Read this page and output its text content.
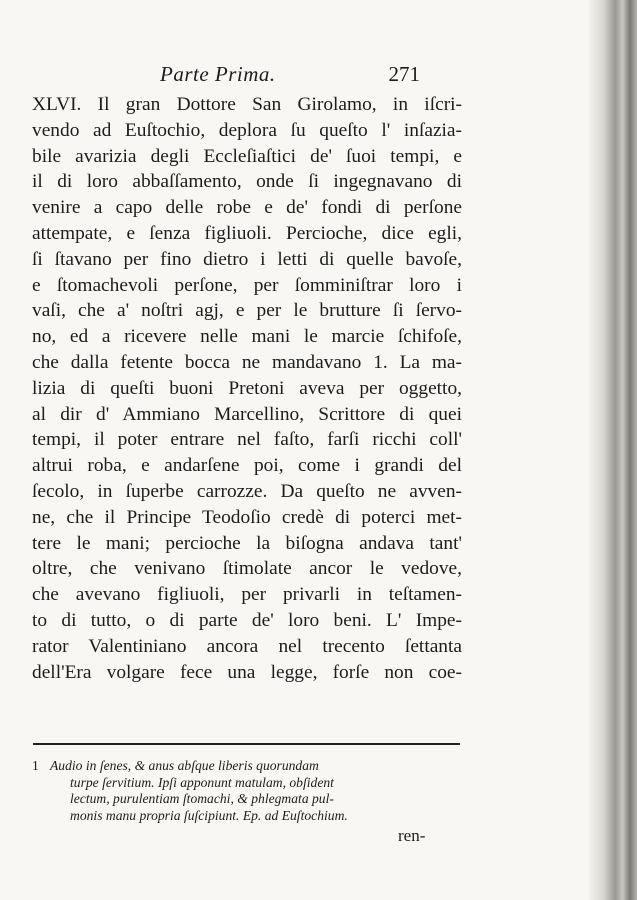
Parte Prima.	271
XLVI. Il gran Dottore San Girolamo, in iſcri-
vendo ad Euſtochio, deplora ſu queſto l' inſazia-
bile avarizia degli Eccleſiaſtici de' ſuoi tempi, e
il di loro abbaſſamento, onde ſi ingegnavano di
venire a capo delle robe e de' fondi di perſone
attempate, e ſenza figliuoli. Percioche, dice egli,
ſi ſtavano per fino dietro i letti di quelle bavoſe,
e ſtomachevoli perſone, per ſomminiſtrar loro i
vaſi, che a' noſtri agj, e per le brutture ſi ſervo-
no, ed a ricevere nelle mani le marcie ſchifoſe,
che dalla fetente bocca ne mandavano 1. La ma-
lizia di queſti buoni Pretoni aveva per oggetto,
al dir d' Ammiano Marcellino, Scrittore di quei
tempi, il poter entrare nel faſto, farſi ricchi coll'
altrui roba, e andarſene poi, come i grandi del
ſecolo, in ſuperbe carrozze. Da queſto ne avven-
ne, che il Principe Teodoſio credè di poterci met-
tere le mani; percioche la biſogna andava tant'
oltre, che venivano ſtimolate ancor le vedove,
che avevano figliuoli, per privarli in teſtamen-
to di tutto, o di parte de' loro beni. L' Impe-
rator Valentiniano ancora nel trecento ſettanta
dell'Era volgare fece una legge, forſe non coe-
1 Audio in ſenes, & anus abſque liberis quorundam
turpe ſervitium. Ipſi apponunt matulam, obſident
lectum, purulentiam ſtomachi, & phlegmata pul-
monis manu propria ſuſcipiunt. Ep. ad Euſtochium.
ren-
